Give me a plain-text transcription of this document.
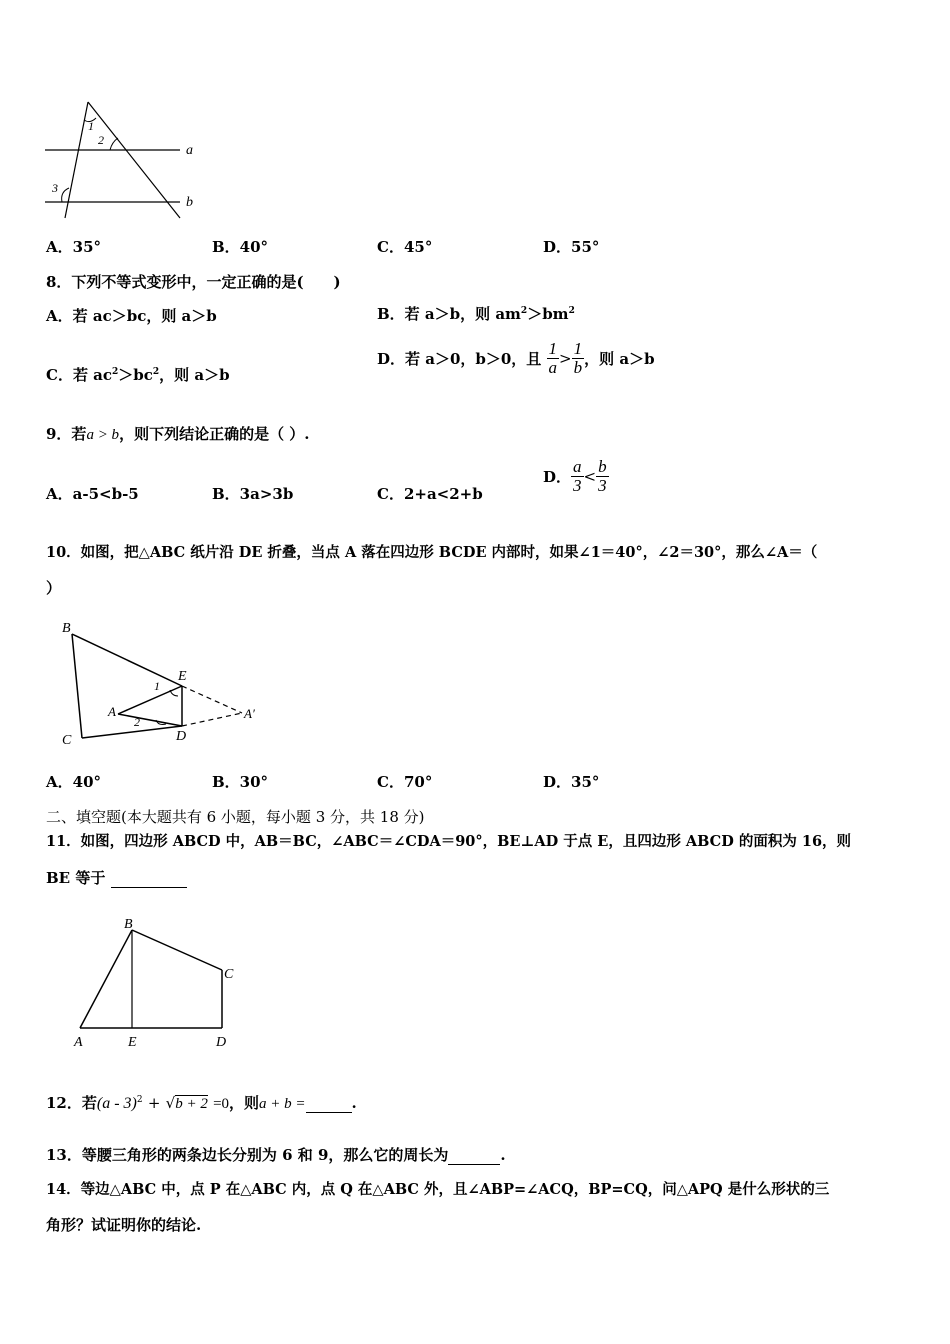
1
2
3
a
b
A．35°	B．40°	C．45°	D．55°
8．下列不等式变形中，一定正确的是(　　)
A．若 ac＞bc，则 a＞b	B．若 a＞b，则 $am^2>bm^2$
C．若 $ac^2>bc^2$，则 a＞b
D．若 a＞0，b＞0，且 $\frac{1}{a} > \frac{1}{b}$ ，则 a＞b
9．若a > b，则下列结论正确的是（ ）.
A．a-5<b-5	B．3a>3b	C．2+a<2+b
D． $\frac{a}{3} < \frac{b}{3}$
10．如图，把△ABC 纸片沿 DE 折叠，当点 A 落在四边形 BCDE 内部时，如果∠1＝40°，∠2＝30°，那么∠A＝（
）
B
C
E
D
A	A′
1
2
A．40°	B．30°	C．70°	D．35°
二、填空题(本大题共有 6 小题，每小题 3 分，共 18 分)
11．如图，四边形 ABCD 中，AB＝BC，∠ABC＝∠CDA＝90°，BE⊥AD 于点 E，且四边形 ABCD 的面积为 16，则
BE 等于
B
C
A	E	D
12．若(a - 3)$^2$ + √b + 2 =0，则a + b =	.
13．等腰三角形的两条边长分别为 6 和 9，那么它的周长为	.
14．等边△ABC 中，点 P 在△ABC 内，点 Q 在△ABC 外，且∠ABP=∠ACQ，BP=CQ，问△APQ 是什么形状的三
角形？试证明你的结论.
